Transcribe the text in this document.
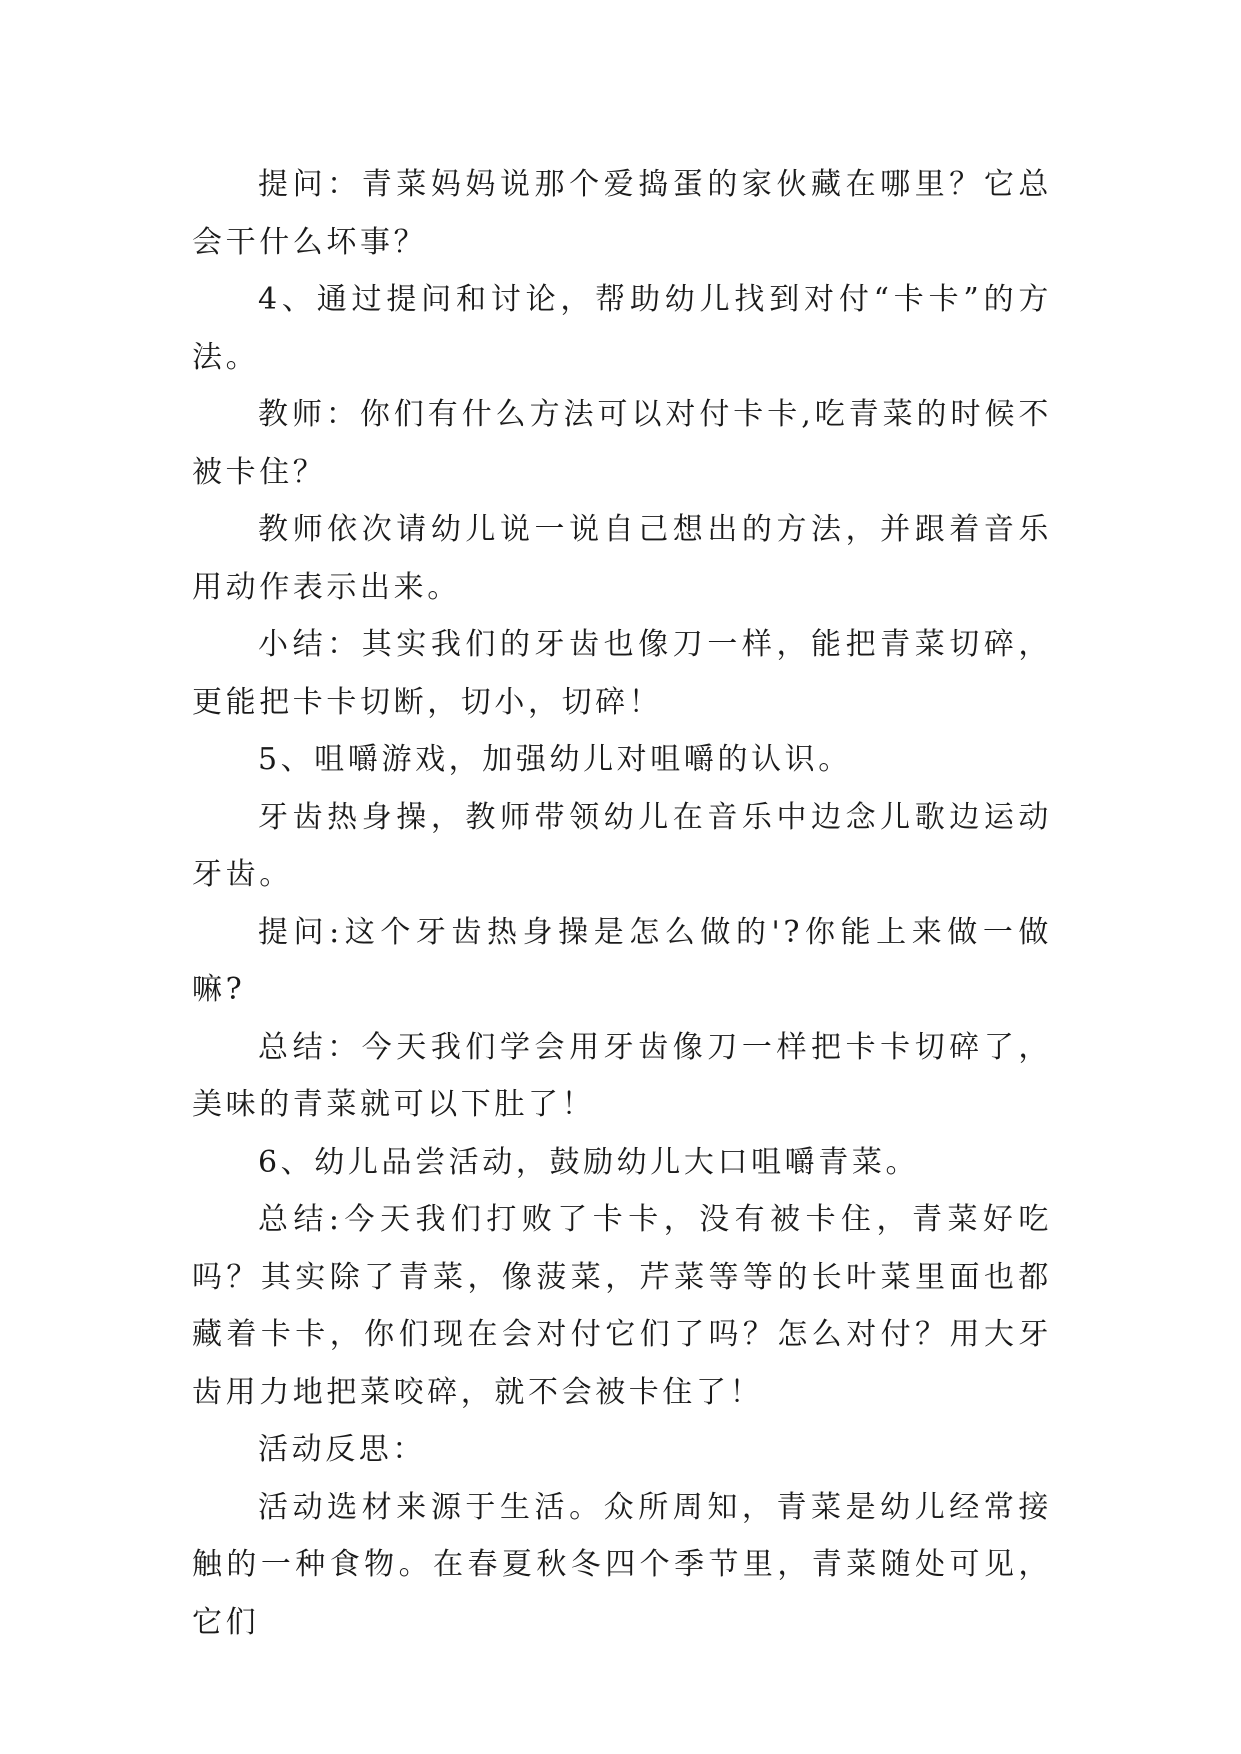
提问：青菜妈妈说那个爱捣蛋的家伙藏在哪里？它总会干什么坏事？

4、通过提问和讨论，帮助幼儿找到对付“卡卡”的方法。

教师：你们有什么方法可以对付卡卡,吃青菜的时候不被卡住？

教师依次请幼儿说一说自己想出的方法，并跟着音乐用动作表示出来。

小结：其实我们的牙齿也像刀一样，能把青菜切碎，更能把卡卡切断，切小，切碎！

5、咀嚼游戏，加强幼儿对咀嚼的认识。

牙齿热身操，教师带领幼儿在音乐中边念儿歌边运动牙齿。

提问:这个牙齿热身操是怎么做的'?你能上来做一做嘛?

总结：今天我们学会用牙齿像刀一样把卡卡切碎了，美味的青菜就可以下肚了！

6、幼儿品尝活动，鼓励幼儿大口咀嚼青菜。

总结:今天我们打败了卡卡，没有被卡住，青菜好吃吗？其实除了青菜，像菠菜，芹菜等等的长叶菜里面也都藏着卡卡，你们现在会对付它们了吗？怎么对付？用大牙齿用力地把菜咬碎，就不会被卡住了！

活动反思：

活动选材来源于生活。众所周知，青菜是幼儿经常接触的一种食物。在春夏秋冬四个季节里，青菜随处可见，它们
